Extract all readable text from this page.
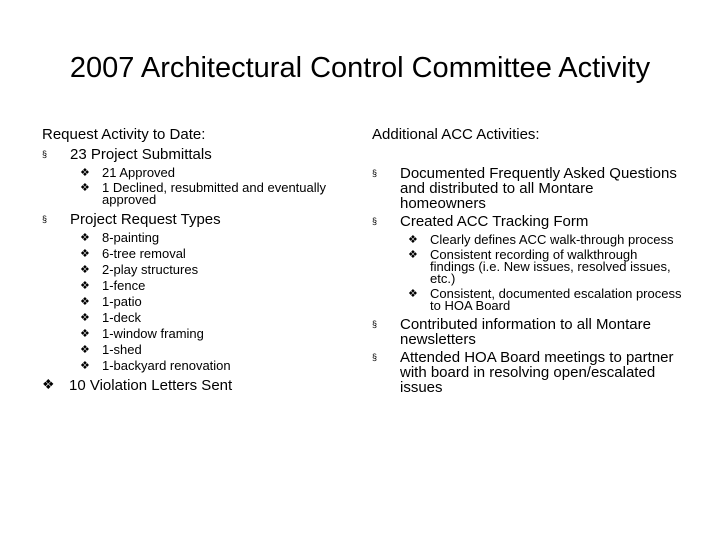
2007 Architectural Control Committee Activity
Request Activity to Date:
§	23 Project Submittals
❖ 21 Approved
❖ 1 Declined, resubmitted and eventually approved
§	Project Request Types
❖ 8-painting
❖ 6-tree removal
❖ 2-play structures
❖ 1-fence
❖ 1-patio
❖ 1-deck
❖ 1-window framing
❖ 1-shed
❖ 1-backyard renovation
❖ 10 Violation Letters Sent
Additional ACC Activities:
§	Documented Frequently Asked Questions and distributed to all Montare homeowners
§	Created ACC Tracking Form
❖ Clearly defines ACC walk-through process
❖ Consistent recording of walkthrough findings (i.e. New issues, resolved issues, etc.)
❖ Consistent, documented escalation process to HOA Board
§	Contributed information to all Montare newsletters
§	Attended HOA Board meetings to partner with board in resolving open/escalated issues
